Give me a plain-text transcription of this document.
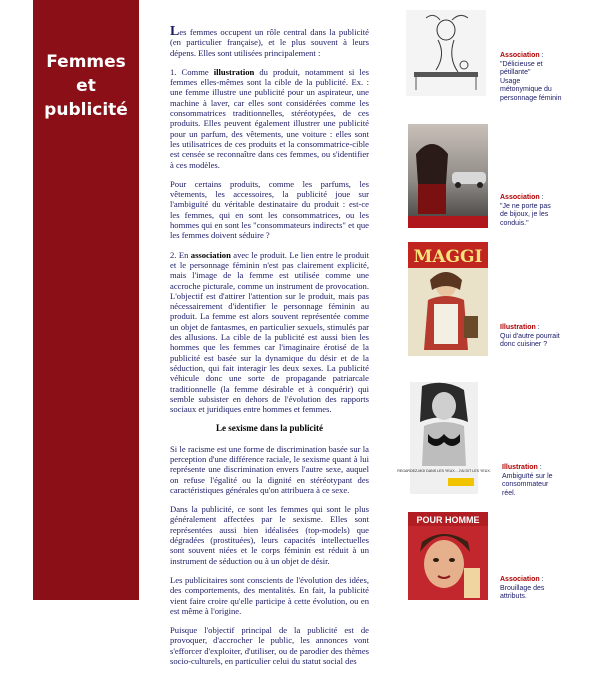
Femmes
et
publicité

Les femmes occupent un rôle central dans la publicité (en particulier française), et le plus souvent à leurs dépens. Elles sont utilisées principalement :

1. Comme illustration du produit, notamment si les femmes elles-mêmes sont la cible de la publicité. Ex. : une femme illustre une publicité pour un aspirateur, une machine à laver, car elles sont considérées comme les consommatrices traditionnelles, stéréotypées, de ces produits. Elles peuvent également illustrer une publicité pour un parfum, des vêtements, une voiture : elles sont les utilisatrices de ces produits et la consommatrice-cible est censée se reconnaître dans ces femmes, ou s'identifier à ces modèles.

Pour certains produits, comme les parfums, les vêtements, les accessoires, la publicité joue sur l'ambiguïté du véritable destinataire du produit : est-ce les femmes, qui en sont les consommatrices, ou les hommes qui en sont les "consommateurs indirects" et que les femmes doivent séduire ?

2. En association avec le produit. Le lien entre le produit et le personnage féminin n'est pas clairement explicité, mais l'image de la femme est utilisée comme une accroche picturale, comme un instrument de provocation. L'objectif est d'attirer l'attention sur le produit, mais pas nécessairement d'identifier le personnage féminin au produit. La femme est alors souvent représentée comme un objet de fantasmes, en particulier sexuels, stimulés par des allusions. La cible de la publicité est aussi bien les hommes que les femmes car l'imaginaire érotisé de la publicité est basée sur la dynamique du désir et de la séduction, qui fait interagir les deux sexes. La publicité véhicule donc une sorte de propagande patriarcale traditionnelle (la femme désirable et à conquérir) qui semble subsister en dehors de l'évolution des rapports sociaux et juridiques entre hommes et femmes.

Le sexisme dans la publicité

Si le racisme est une forme de discrimination basée sur la perception d'une différence raciale, le sexisme quant à lui représente une discrimination envers l'autre sexe, auquel on refuse l'égalité ou la dignité en stéréotypant des caractéristiques générales qu'on attribuera à ce sexe.

Dans la publicité, ce sont les femmes qui sont le plus généralement affectées par le sexisme. Elles sont représentées aussi bien idéalisées (top-models) que dégradées (prostituées), leurs capacités intellectuelles sont souvent niées et le corps féminin est réduit à un instrument de séduction ou à un objet de désir.

Les publicitaires sont conscients de l'évolution des idées, des comportements, des mentalités. En fait, la publicité vient faire croire qu'elle participe à cette évolution, ou en est même à l'origine.

Puisque l'objectif principal de la publicité est de provoquer, d'accrocher le public, les annonces vont s'efforcer d'exploiter, d'utiliser, ou de parodier des thèmes socio-culturels, en particulier celui du statut social des

Association :
"Délicieuse et pétillante"
Usage métonymique du personnage féminin
Association :
"Je ne porte pas de bijoux, je les conduis."
MAGGI
Illustration :
Qui d'autre pourrait donc cuisiner ?
REGARDEZ-MOI DANS LES YEUX... J'AI DIT LES YEUX. Illustration :
Ambiguïté sur le consommateur réel.
POUR HOMME
Association :
Brouillage des attributs.
